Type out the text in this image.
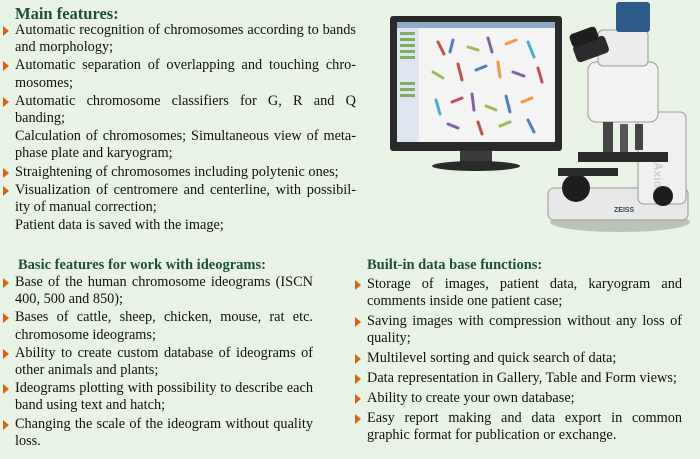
Main features:
Automatic recognition of chromosomes according to bands and morphology;
Automatic separation of overlapping and touching chro-mosomes;
Automatic chromosome classifiers for G, R and Q banding;
Calculation of chromosomes; Simultaneous view of meta-phase plate and karyogram;
Straightening of chromosomes including polytenic ones;
Visualization of centromere and centerline, with possibil-ity of manual correction;
Patient data is saved with the image;
Basic features for work with ideograms:
Base of the human chromosome ideograms (ISCN 400, 500 and 850);
Bases of cattle, sheep, chicken, mouse, rat etc. chromosome ideograms;
Ability to create custom database of ideograms of other animals and plants;
Ideograms plotting with possibility to describe each band using text and hatch;
Changing the scale of the ideogram without quality loss.
Built-in data base functions:
Storage of images, patient data, karyogram and comments inside one patient case;
Saving images with compression without any loss of quality;
Multilevel sorting and quick search of data;
Data representation in Gallery, Table and Form views;
Ability to create your own database;
Easy report making and data export in common graphic format for publication or exchange.
Axio
ZEISS
